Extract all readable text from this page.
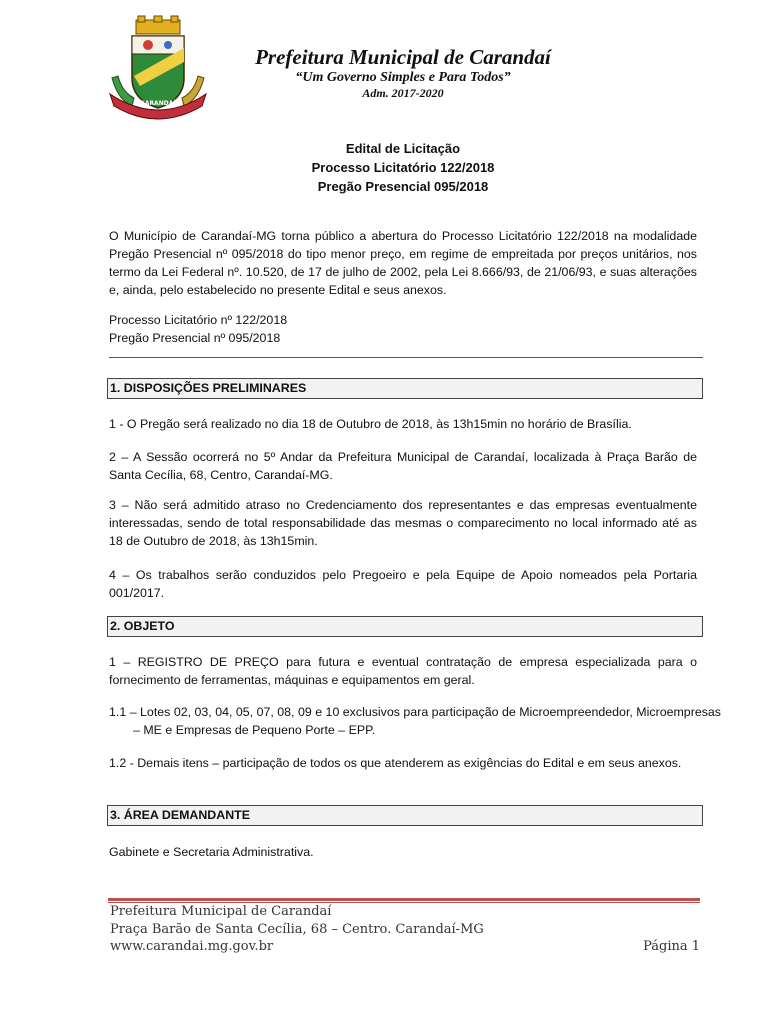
CARANDAÍ
Prefeitura Municipal de Carandaí
“Um Governo Simples e Para Todos”
Adm. 2017-2020
Edital de Licitação
Processo Licitatório 122/2018
Pregão Presencial 095/2018
O Município de Carandaí-MG torna público a abertura do Processo Licitatório 122/2018 na modalidade Pregão Presencial nº 095/2018 do tipo menor preço, em regime de empreitada por preços unitários, nos termo da Lei Federal nº. 10.520, de 17 de julho de 2002, pela Lei 8.666/93, de 21/06/93, e suas alterações e, ainda, pelo estabelecido no presente Edital e seus anexos.
Processo Licitatório nº 122/2018
Pregão Presencial nº 095/2018
1. DISPOSIÇÕES PRELIMINARES
1 - O Pregão será realizado no dia 18 de Outubro de 2018, às 13h15min no horário de Brasília.
2 – A Sessão ocorrerá no 5º Andar da Prefeitura Municipal de Carandaí, localizada à Praça Barão de Santa Cecília, 68, Centro, Carandaí-MG.
3 – Não será admitido atraso no Credenciamento dos representantes e das empresas eventualmente interessadas, sendo de total responsabilidade das mesmas o comparecimento no local informado até as 18 de Outubro de 2018, às 13h15min.
4 – Os trabalhos serão conduzidos pelo Pregoeiro e pela Equipe de Apoio nomeados pela Portaria 001/2017.
2. OBJETO
1 – REGISTRO DE PREÇO para futura e eventual contratação de empresa especializada para o fornecimento de ferramentas, máquinas e equipamentos em geral.
1.1 – Lotes 02, 03, 04, 05, 07, 08, 09 e 10 exclusivos para participação de Microempreendedor, Microempresas – ME e Empresas de Pequeno Porte – EPP.
1.2 - Demais itens – participação de todos os que atenderem as exigências do Edital e em seus anexos.
3. ÁREA DEMANDANTE
Gabinete e Secretaria Administrativa.
Prefeitura Municipal de Carandaí
Praça Barão de Santa Cecília, 68 – Centro. Carandaí-MG
www.carandai.mg.gov.br	Página 1
